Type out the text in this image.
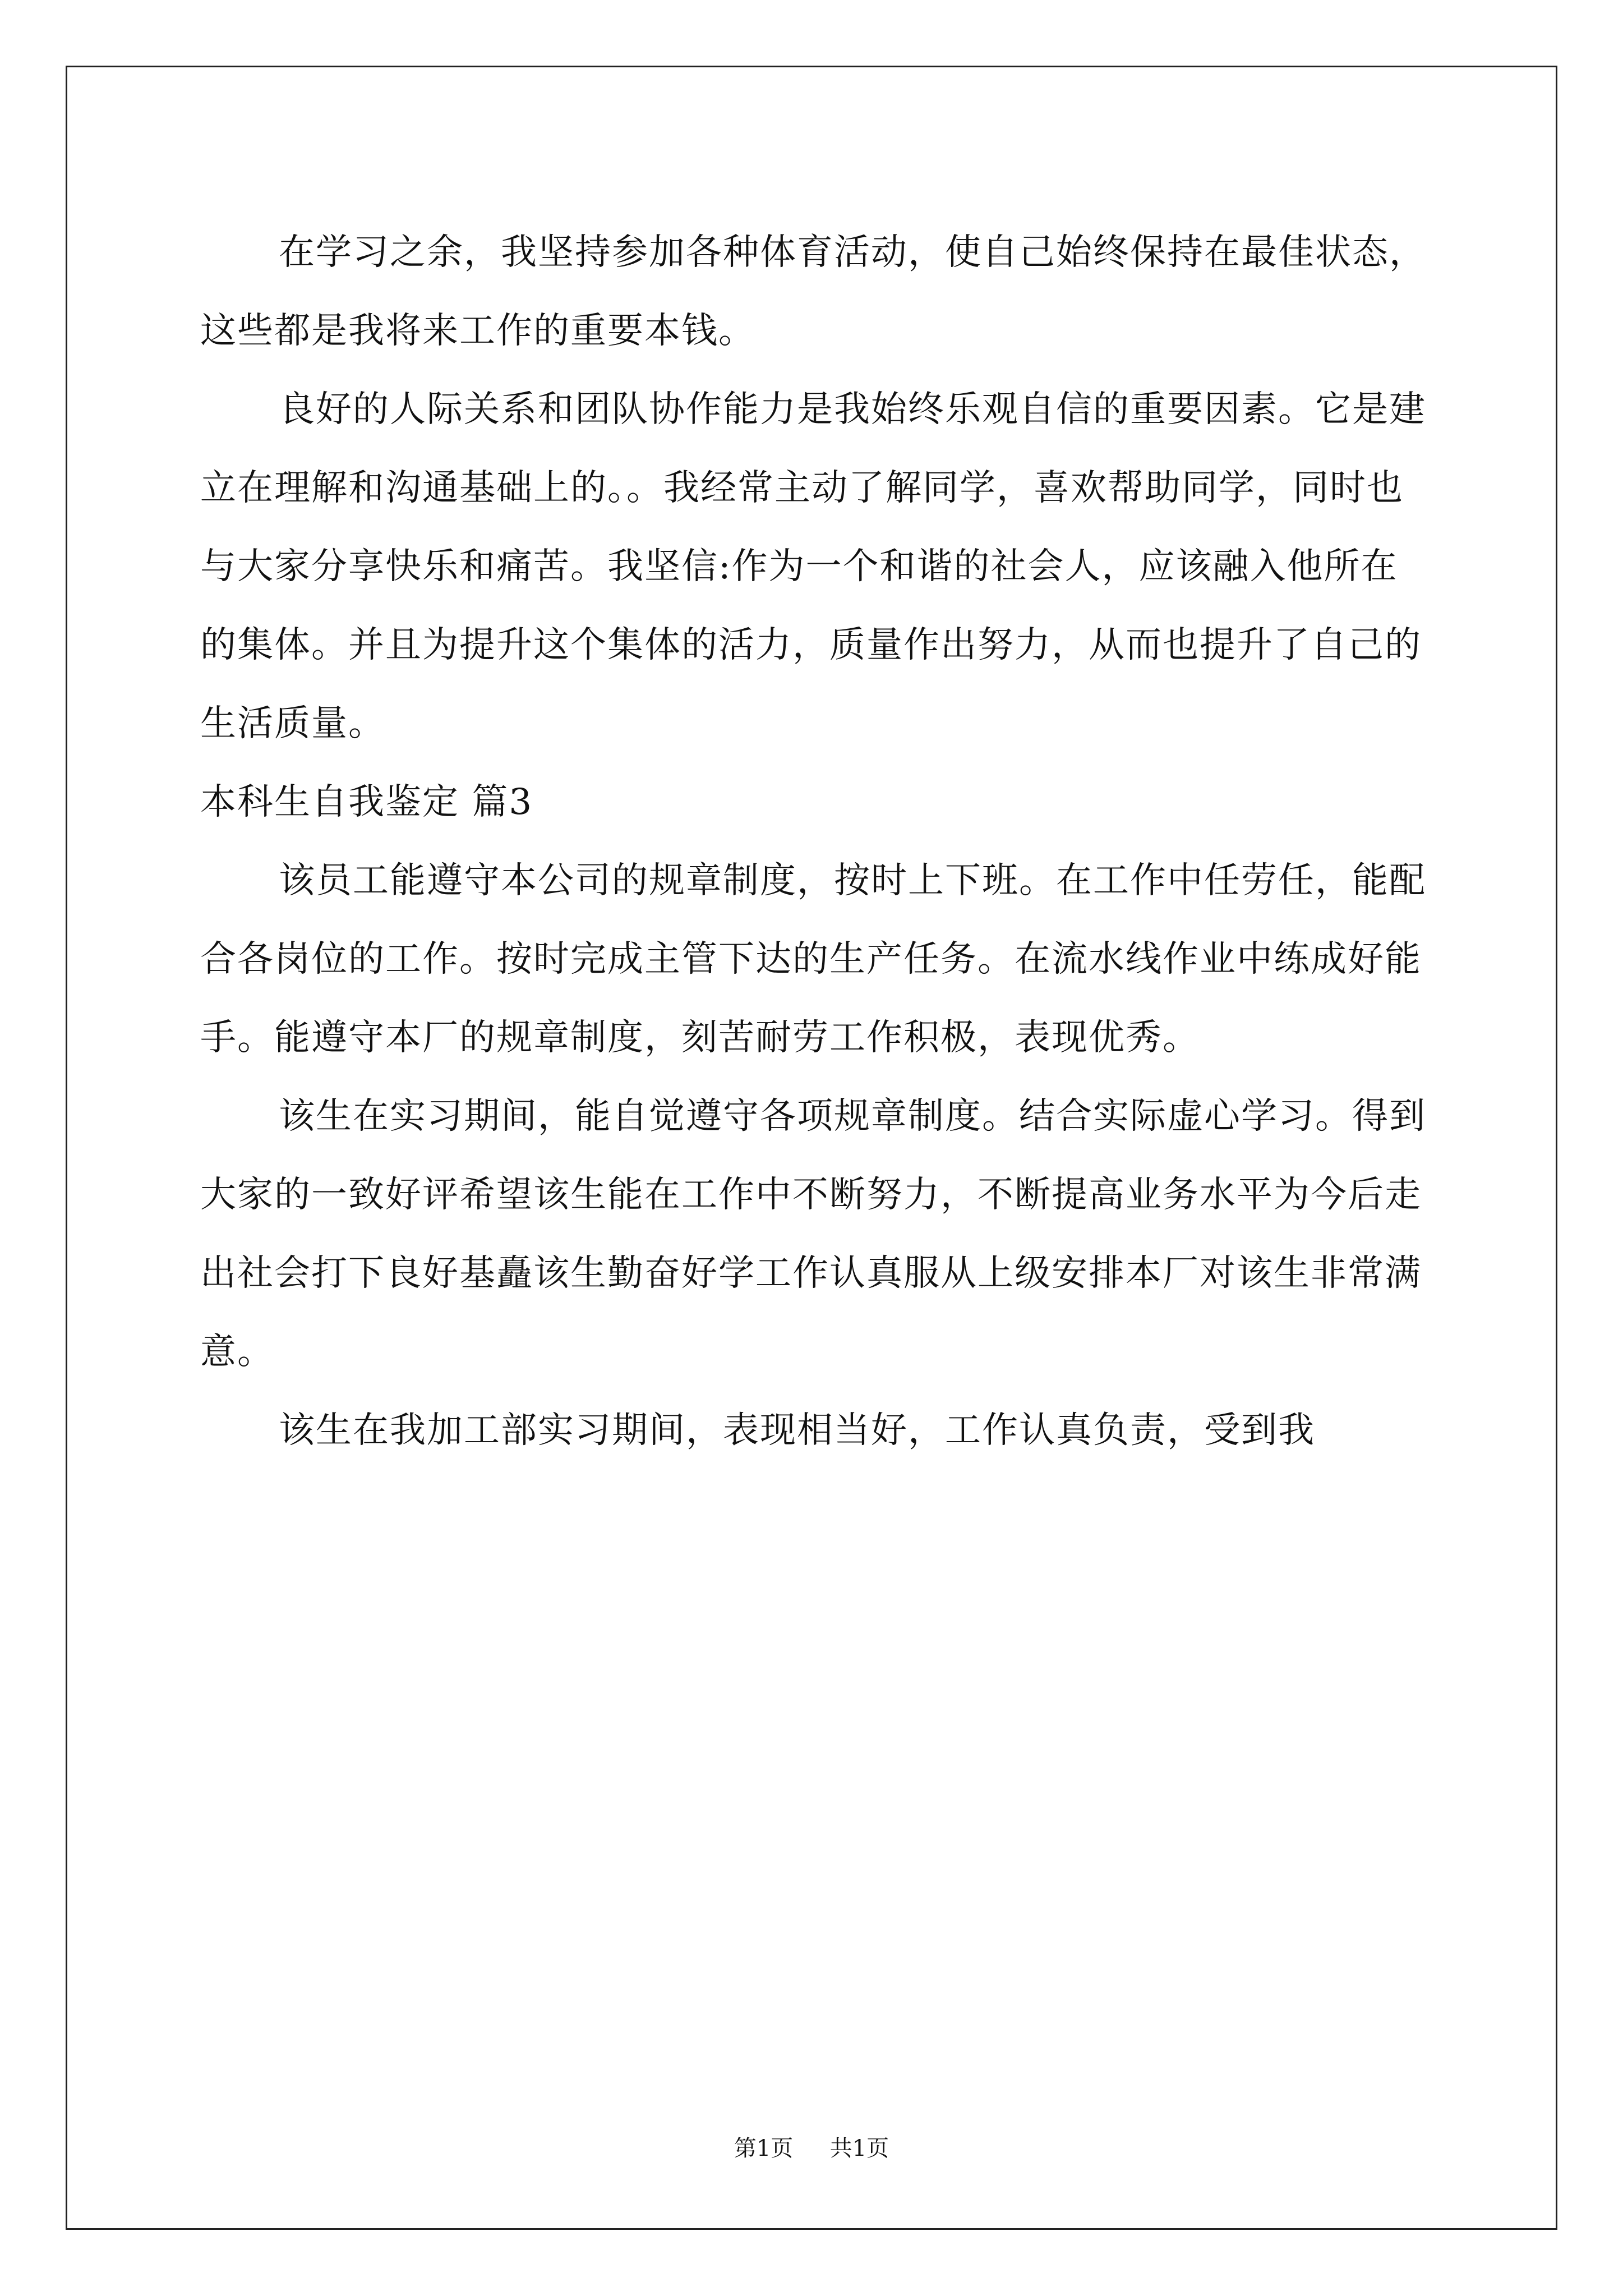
在学习之余，我坚持参加各种体育活动，使自己始终保持在最佳状态，这些都是我将来工作的重要本钱。

良好的人际关系和团队协作能力是我始终乐观自信的重要因素。它是建立在理解和沟通基础上的。。我经常主动了解同学，喜欢帮助同学，同时也与大家分享快乐和痛苦。我坚信:作为一个和谐的社会人，应该融入他所在的集体。并且为提升这个集体的活力，质量作出努力，从而也提升了自己的生活质量。

本科生自我鉴定 篇3

该员工能遵守本公司的规章制度，按时上下班。在工作中任劳任，能配合各岗位的工作。按时完成主管下达的生产任务。在流水线作业中练成好能手。能遵守本厂的规章制度，刻苦耐劳工作积极，表现优秀。

该生在实习期间，能自觉遵守各项规章制度。结合实际虚心学习。得到大家的一致好评希望该生能在工作中不断努力，不断提高业务水平为今后走出社会打下良好基矗该生勤奋好学工作认真服从上级安排本厂对该生非常满意。

该生在我加工部实习期间，表现相当好，工作认真负责，受到我

第1页 共1页
